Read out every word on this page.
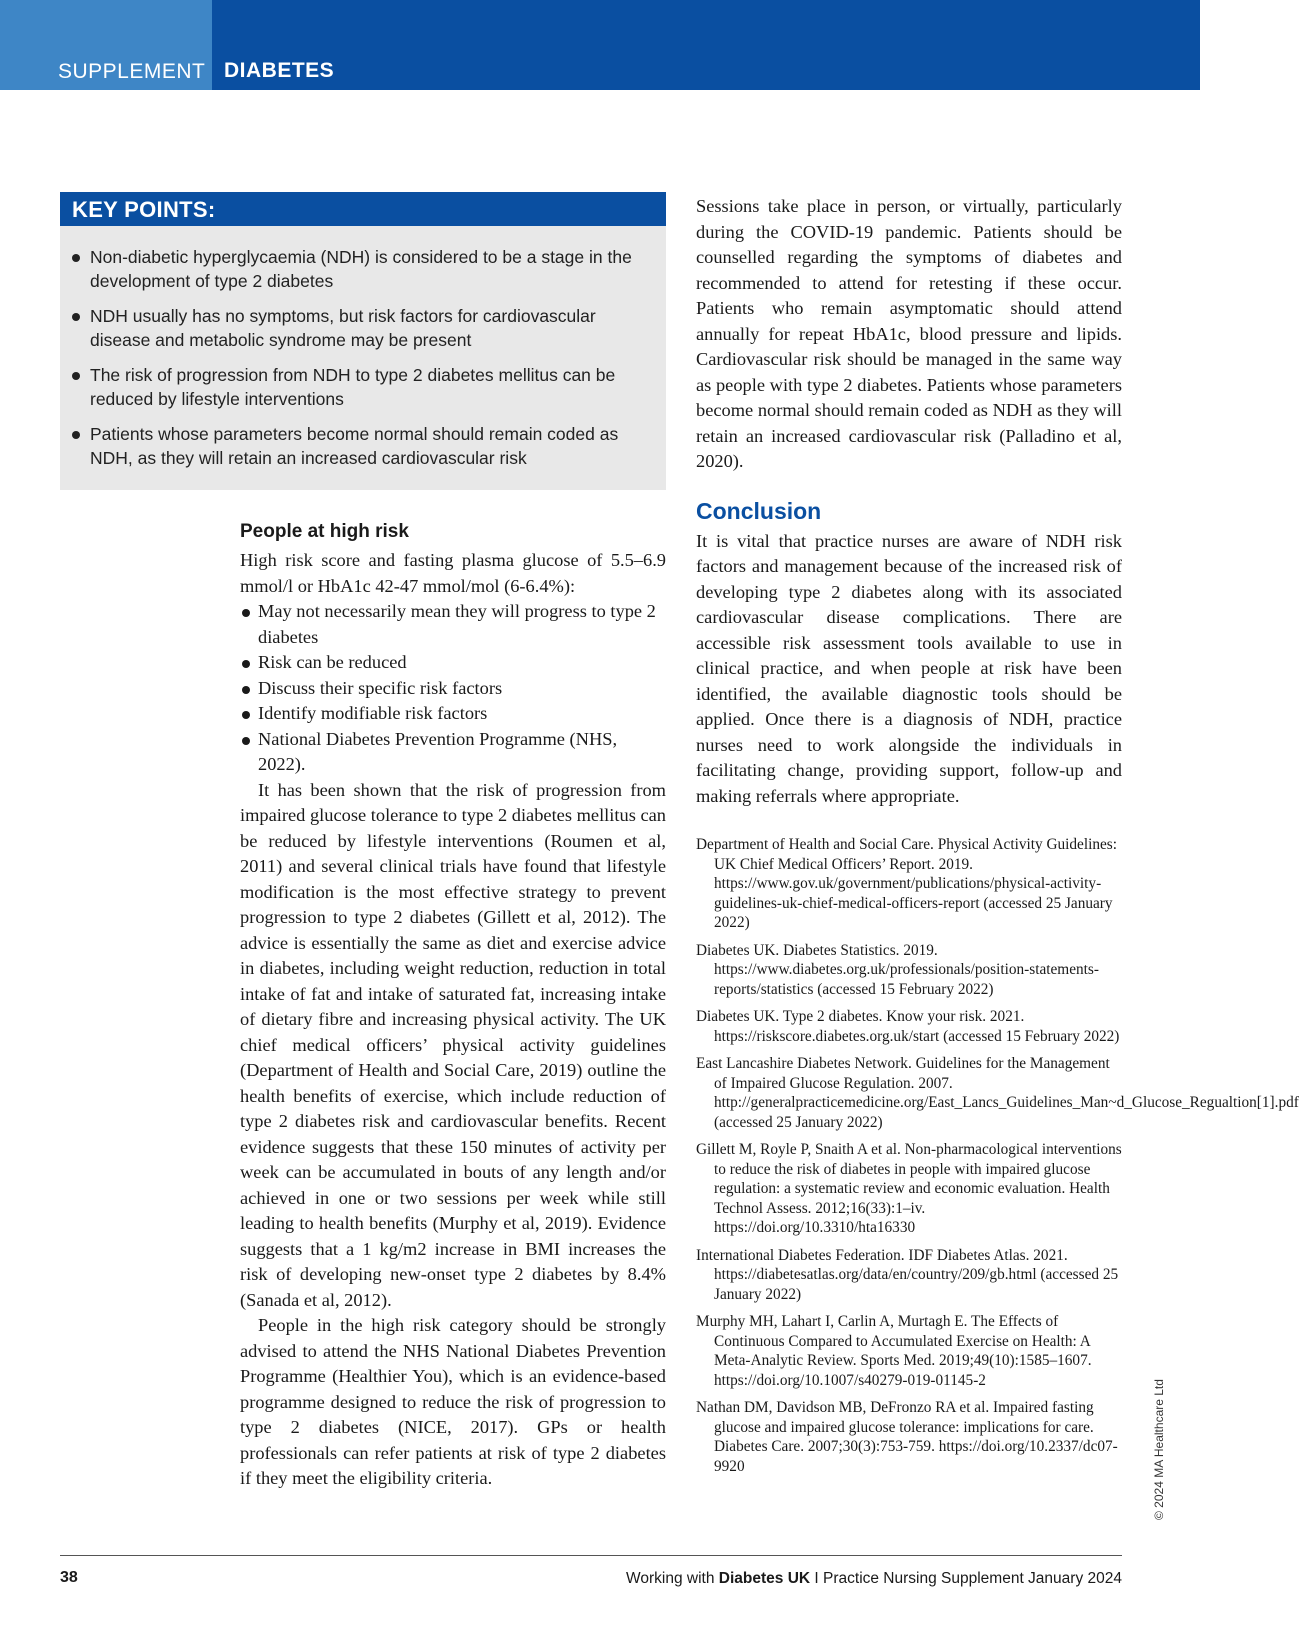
SUPPLEMENT DIABETES
KEY POINTS:
Non-diabetic hyperglycaemia (NDH) is considered to be a stage in the development of type 2 diabetes
NDH usually has no symptoms, but risk factors for cardiovascular disease and metabolic syndrome may be present
The risk of progression from NDH to type 2 diabetes mellitus can be reduced by lifestyle interventions
Patients whose parameters become normal should remain coded as NDH, as they will retain an increased cardiovascular risk
People at high risk

High risk score and fasting plasma glucose of 5.5–6.9 mmol/l or HbA1c 42-47 mmol/mol (6-6.4%):

May not necessarily mean they will progress to type 2 diabetes
Risk can be reduced
Discuss their specific risk factors
Identify modifiable risk factors
National Diabetes Prevention Programme (NHS, 2022).

It has been shown that the risk of progression from impaired glucose tolerance to type 2 diabetes mellitus can be reduced by lifestyle interventions (Roumen et al, 2011) and several clinical trials have found that lifestyle modification is the most effective strategy to prevent progression to type 2 diabetes (Gillett et al, 2012). The advice is essentially the same as diet and exercise advice in diabetes, including weight reduction, reduction in total intake of fat and intake of saturated fat, increasing intake of dietary fibre and increasing physical activity. The UK chief medical officers’ physical activity guidelines (Department of Health and Social Care, 2019) outline the health benefits of exercise, which include reduction of type 2 diabetes risk and cardiovascular benefits. Recent evidence suggests that these 150 minutes of activity per week can be accumulated in bouts of any length and/or achieved in one or two sessions per week while still leading to health benefits (Murphy et al, 2019). Evidence suggests that a 1 kg/m2 increase in BMI increases the risk of developing new-onset type 2 diabetes by 8.4% (Sanada et al, 2012).

People in the high risk category should be strongly advised to attend the NHS National Diabetes Prevention Programme (Healthier You), which is an evidence-based programme designed to reduce the risk of progression to type 2 diabetes (NICE, 2017). GPs or health professionals can refer patients at risk of type 2 diabetes if they meet the eligibility criteria.

Sessions take place in person, or virtually, particularly during the COVID-19 pandemic. Patients should be counselled regarding the symptoms of diabetes and recommended to attend for retesting if these occur. Patients who remain asymptomatic should attend annually for repeat HbA1c, blood pressure and lipids. Cardiovascular risk should be managed in the same way as people with type 2 diabetes. Patients whose parameters become normal should remain coded as NDH as they will retain an increased cardiovascular risk (Palladino et al, 2020).

Conclusion

It is vital that practice nurses are aware of NDH risk factors and management because of the increased risk of developing type 2 diabetes along with its associated cardiovascular disease complications. There are accessible risk assessment tools available to use in clinical practice, and when people at risk have been identified, the available diagnostic tools should be applied. Once there is a diagnosis of NDH, practice nurses need to work alongside the individuals in facilitating change, providing support, follow-up and making referrals where appropriate.

Department of Health and Social Care. Physical Activity Guidelines: UK Chief Medical Officers’ Report. 2019. https://www.gov.uk/government/publications/physical-activity-guidelines-uk-chief-medical-officers-report (accessed 25 January 2022)
Diabetes UK. Diabetes Statistics. 2019. https://www.diabetes.org.uk/professionals/position-statements-reports/statistics (accessed 15 February 2022)
Diabetes UK. Type 2 diabetes. Know your risk. 2021. https://riskscore.diabetes.org.uk/start (accessed 15 February 2022)
East Lancashire Diabetes Network. Guidelines for the Management of Impaired Glucose Regulation. 2007. http://generalpracticemedicine.org/East_Lancs_Guidelines_Man~d_Glucose_Regualtion[1].pdf (accessed 25 January 2022)
Gillett M, Royle P, Snaith A et al. Non-pharmacological interventions to reduce the risk of diabetes in people with impaired glucose regulation: a systematic review and economic evaluation. Health Technol Assess. 2012;16(33):1–iv. https://doi.org/10.3310/hta16330
International Diabetes Federation. IDF Diabetes Atlas. 2021. https://diabetesatlas.org/data/en/country/209/gb.html (accessed 25 January 2022)
Murphy MH, Lahart I, Carlin A, Murtagh E. The Effects of Continuous Compared to Accumulated Exercise on Health: A Meta-Analytic Review. Sports Med. 2019;49(10):1585–1607. https://doi.org/10.1007/s40279-019-01145-2
Nathan DM, Davidson MB, DeFronzo RA et al. Impaired fasting glucose and impaired glucose tolerance: implications for care. Diabetes Care. 2007;30(3):753-759. https://doi.org/10.2337/dc07-9920	© 2024 MA Healthcare Ltd
38	Working with Diabetes UK I Practice Nursing Supplement January 2024
